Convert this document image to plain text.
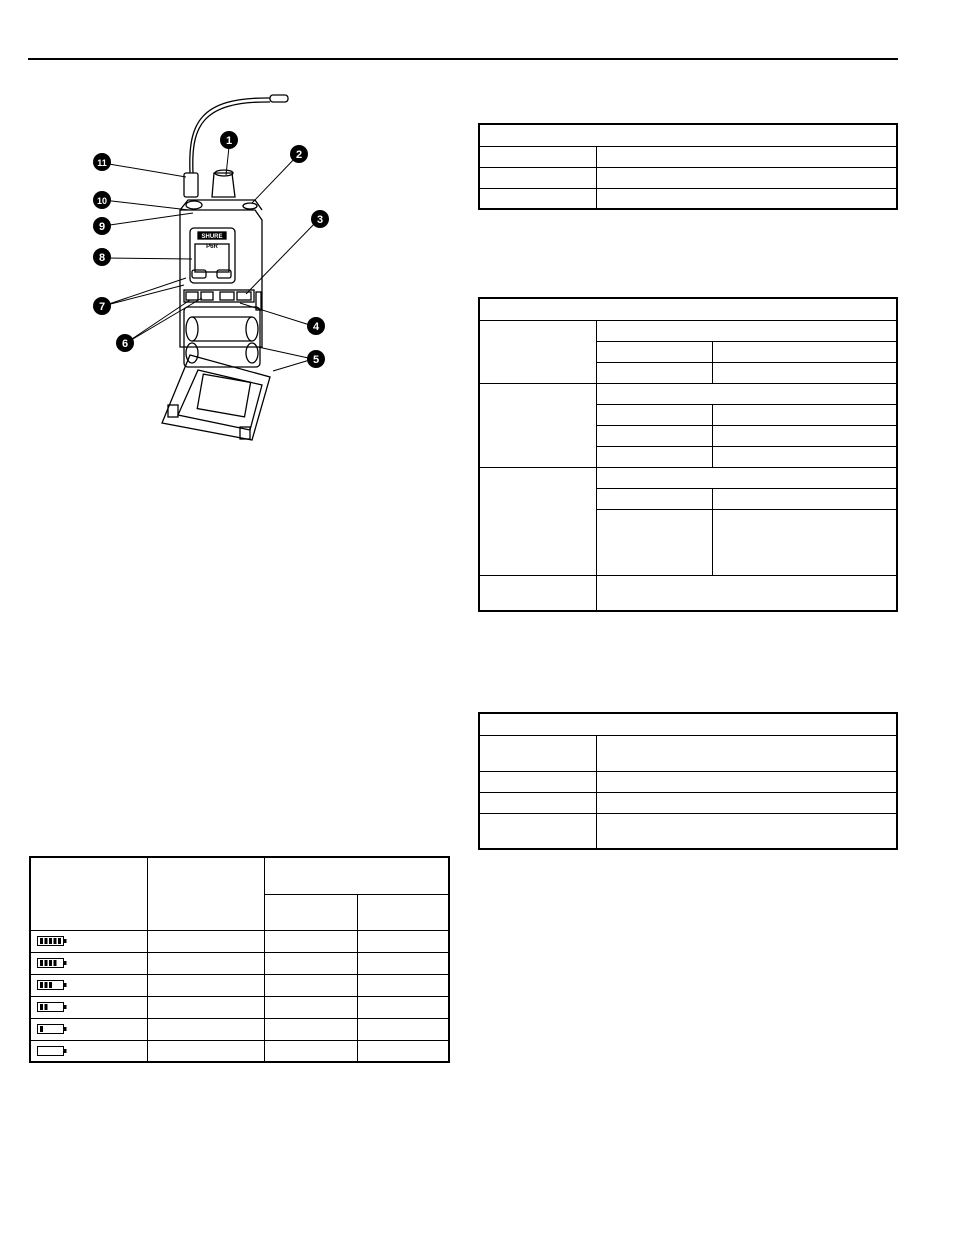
1
2
3
4
5
6
7
8
9
10
11
SHURE
P6R
